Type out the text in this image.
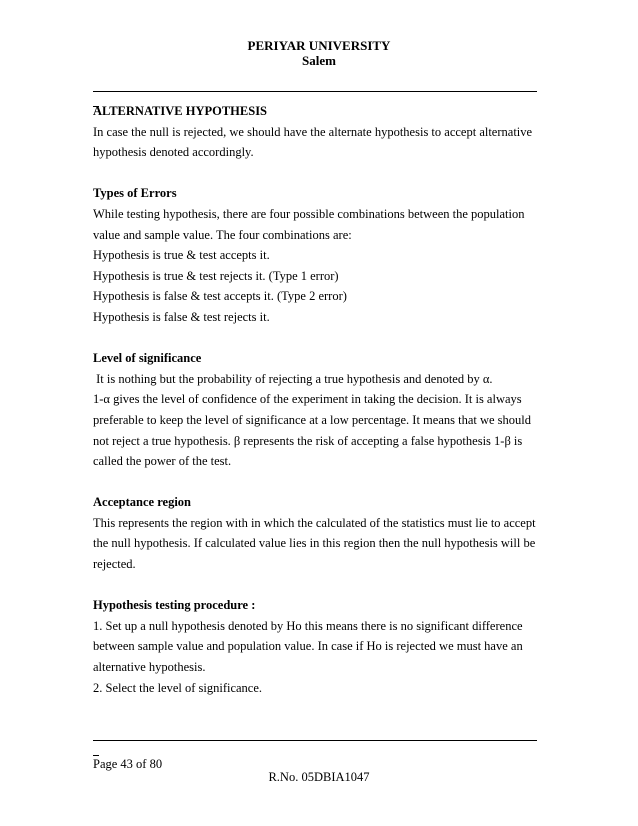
PERIYAR UNIVERSITY
Salem
ALTERNATIVE HYPOTHESIS
In case the null is rejected, we should have the alternate hypothesis to accept alternative
hypothesis denoted accordingly.
Types of Errors
While testing hypothesis, there are four possible combinations between the population
value and sample value. The four combinations are:
Hypothesis is true & test accepts it.
Hypothesis is true & test rejects it. (Type 1 error)
Hypothesis is false & test accepts it. (Type 2 error)
Hypothesis is false & test rejects it.
Level of significance
It is nothing but the probability of rejecting a true hypothesis and denoted by α.
1-α gives the level of confidence of the experiment in taking the decision. It is always
preferable to keep the level of significance at a low percentage. It means that we should
not reject a true hypothesis. β represents the risk of accepting a false hypothesis 1-β is
called the power of the test.
Acceptance region
This represents the region with in which the calculated of the statistics must lie to accept
the null hypothesis. If calculated value lies in this region then the null hypothesis will be
rejected.
Hypothesis testing procedure :
1. Set up a null hypothesis denoted by Ho this means there is no significant difference
between sample value and population value. In case if Ho is rejected we must have an
alternative hypothesis.
2. Select the level of significance.
Page 43 of 80
R.No. 05DBIA1047
